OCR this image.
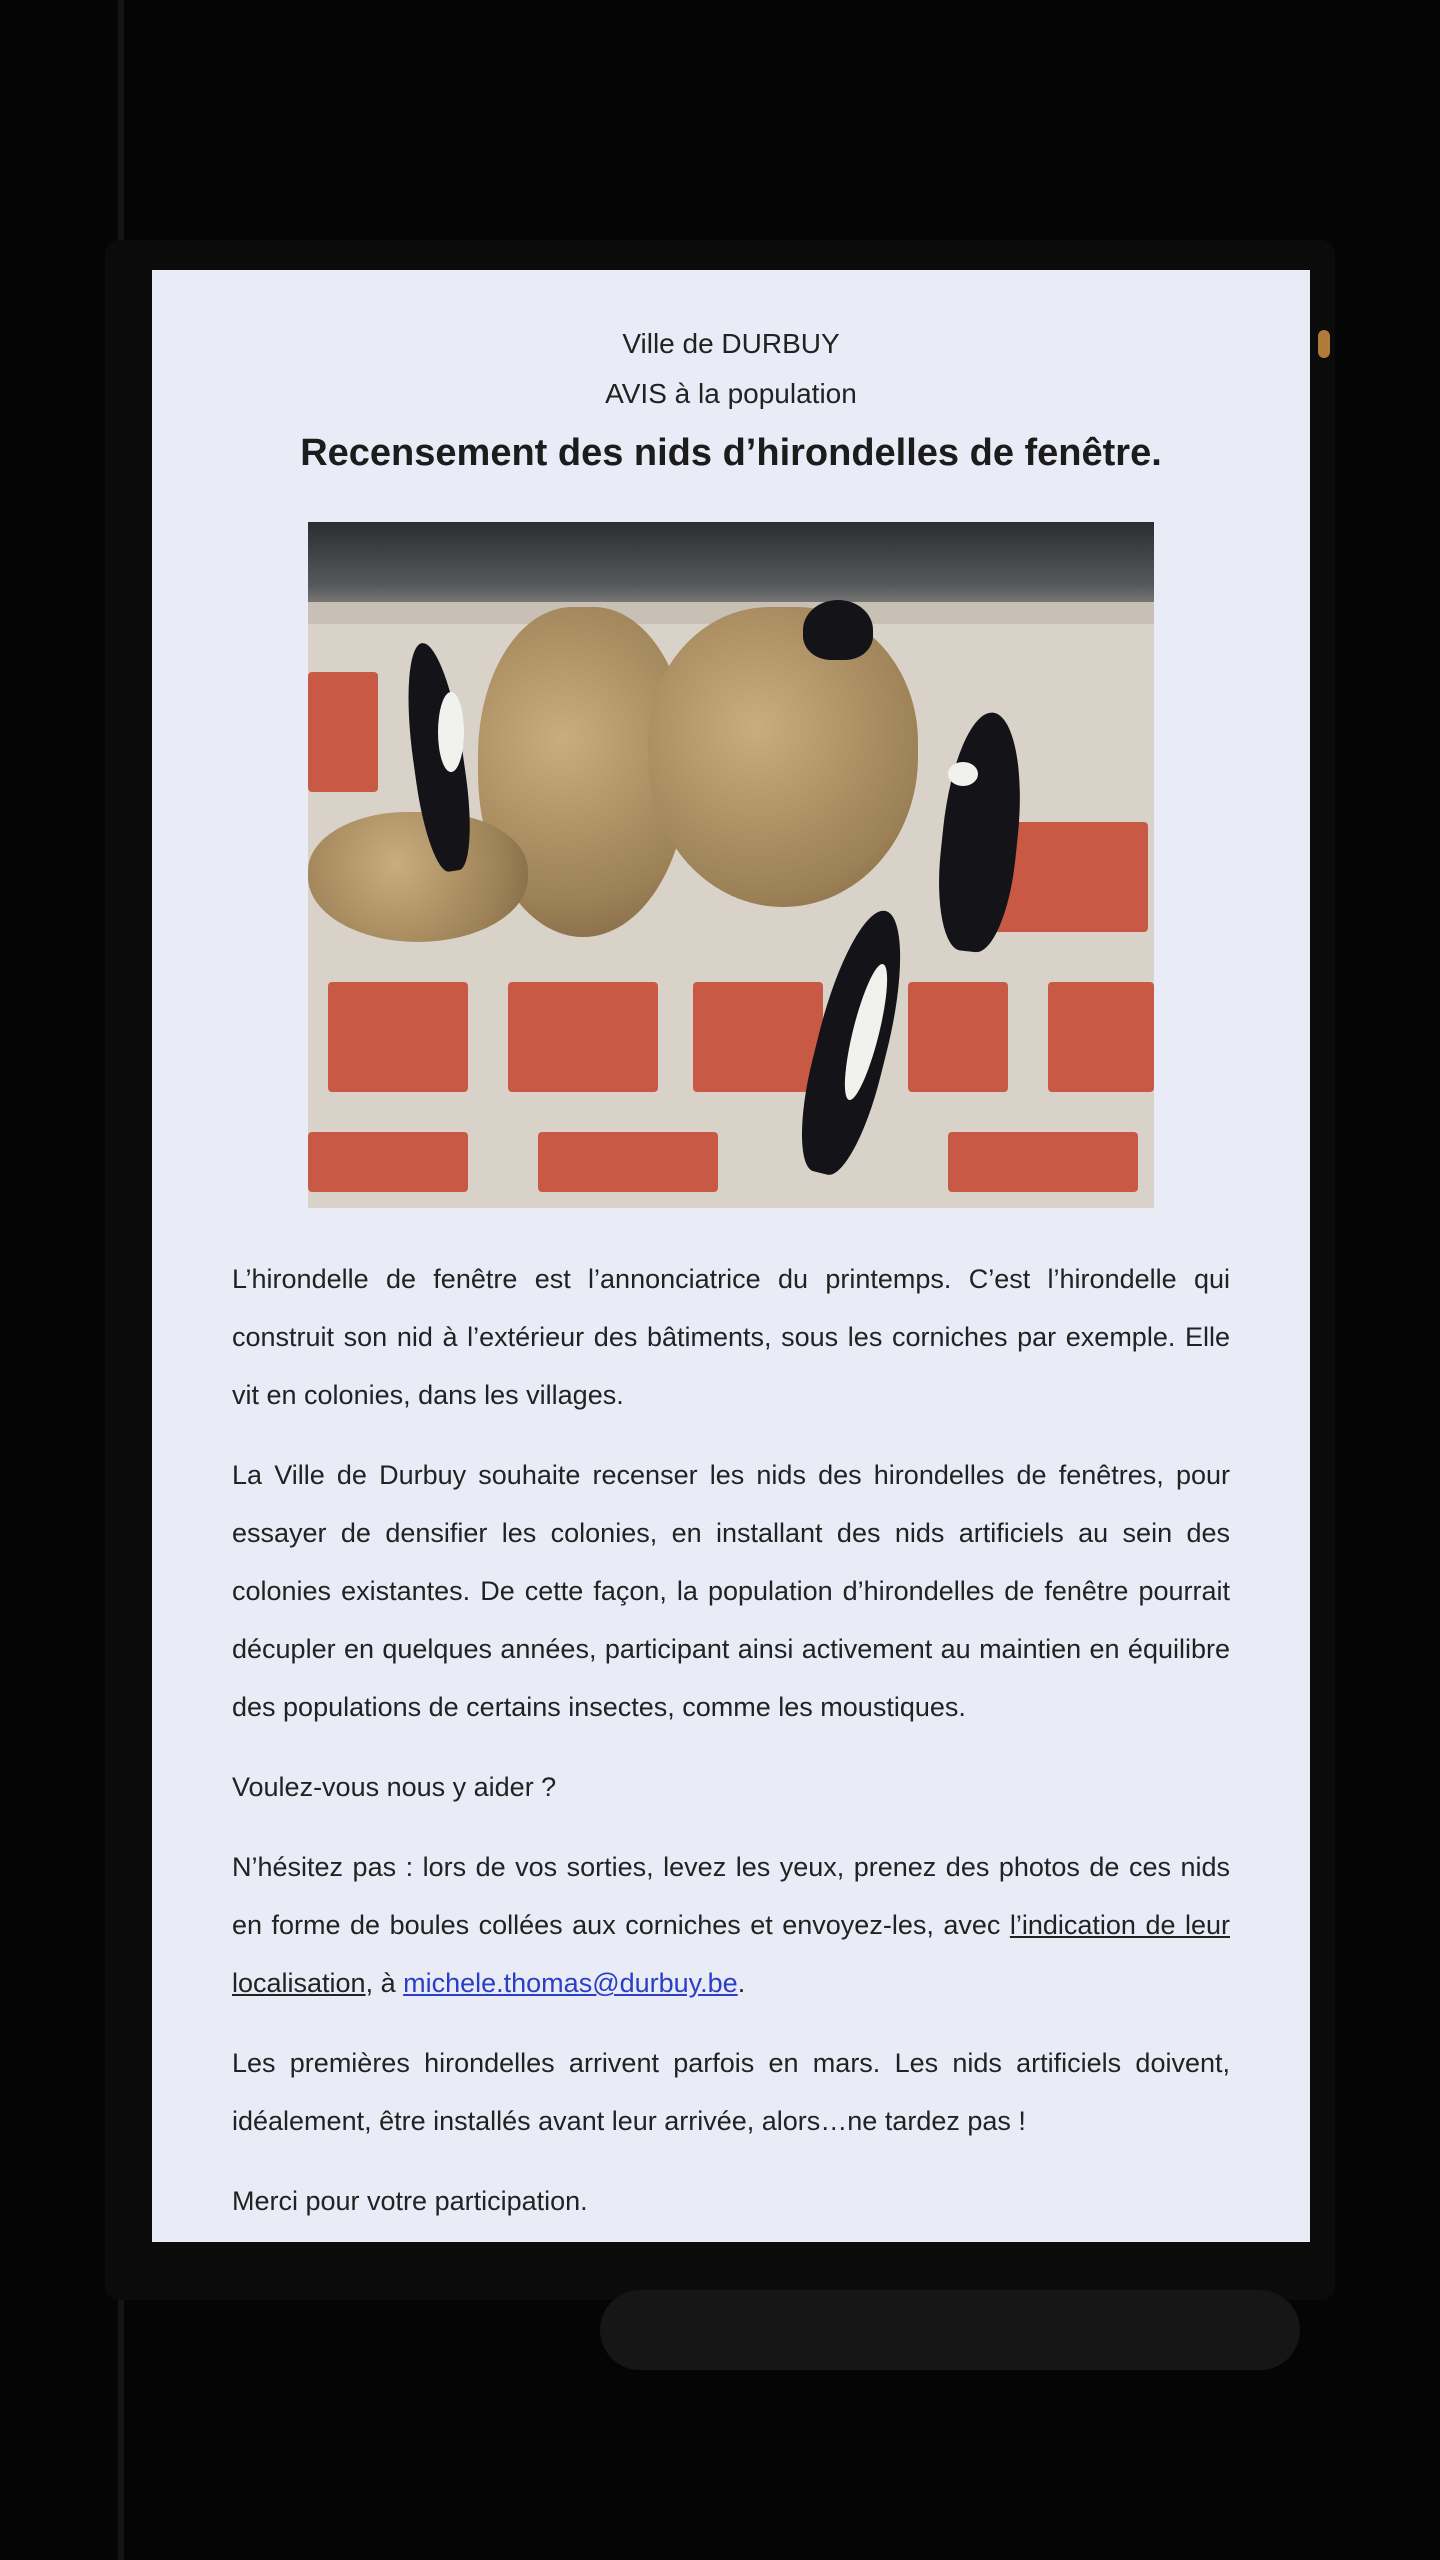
Ville de DURBUY
AVIS à la population
Recensement des nids d’hirondelles de fenêtre.

L’hirondelle de fenêtre est l’annonciatrice du printemps. C’est l’hirondelle qui construit son nid à l’extérieur des bâtiments, sous les corniches par exemple. Elle vit en colonies, dans les villages.

La Ville de Durbuy souhaite recenser les nids des hirondelles de fenêtres, pour essayer de densifier les colonies, en installant des nids artificiels au sein des colonies existantes. De cette façon, la population d’hirondelles de fenêtre pourrait décupler en quelques années, participant ainsi activement au maintien en équilibre des populations de certains insectes, comme les moustiques.

Voulez-vous nous y aider ?

N’hésitez pas : lors de vos sorties, levez les yeux, prenez des photos de ces nids en forme de boules collées aux corniches et envoyez-les, avec l’indication de leur localisation, à michele.thomas@durbuy.be.

Les premières hirondelles arrivent parfois en mars. Les nids artificiels doivent, idéalement, être installés avant leur arrivée, alors…ne tardez pas !

Merci pour votre participation.
